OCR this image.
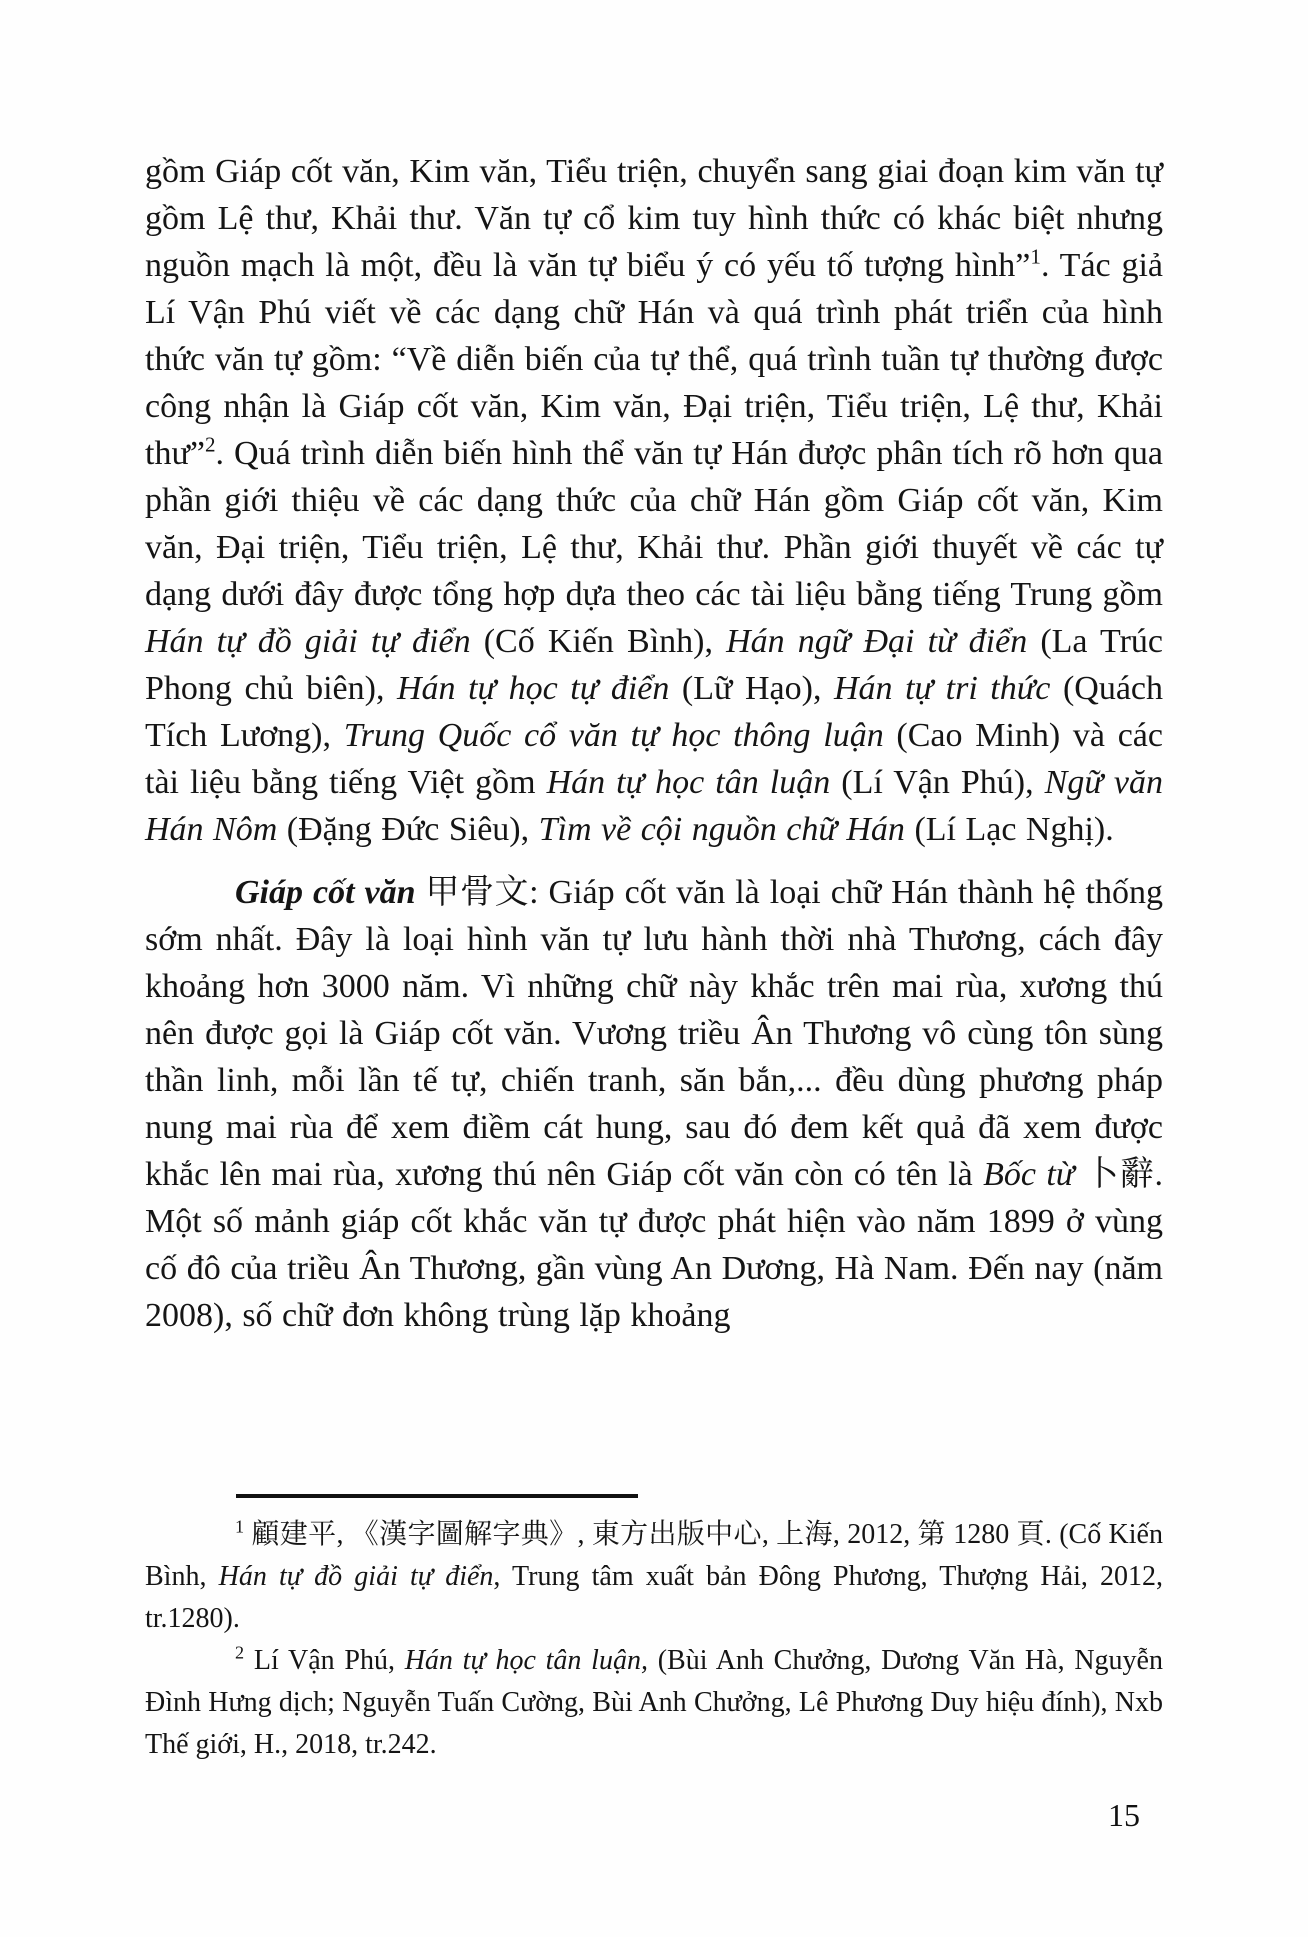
gồm Giáp cốt văn, Kim văn, Tiểu triện, chuyển sang giai đoạn kim văn tự gồm Lệ thư, Khải thư. Văn tự cổ kim tuy hình thức có khác biệt nhưng nguồn mạch là một, đều là văn tự biểu ý có yếu tố tượng hình”$^1$. Tác giả Lí Vận Phú viết về các dạng chữ Hán và quá trình phát triển của hình thức văn tự gồm: “Về diễn biến của tự thể, quá trình tuần tự thường được công nhận là Giáp cốt văn, Kim văn, Đại triện, Tiểu triện, Lệ thư, Khải thư”$^2$. Quá trình diễn biến hình thể văn tự Hán được phân tích rõ hơn qua phần giới thiệu về các dạng thức của chữ Hán gồm Giáp cốt văn, Kim văn, Đại triện, Tiểu triện, Lệ thư, Khải thư. Phần giới thuyết về các tự dạng dưới đây được tổng hợp dựa theo các tài liệu bằng tiếng Trung gồm Hán tự đồ giải tự điển (Cố Kiến Bình), Hán ngữ Đại từ điển (La Trúc Phong chủ biên), Hán tự học tự điển (Lữ Hạo), Hán tự tri thức (Quách Tích Lương), Trung Quốc cổ văn tự học thông luận (Cao Minh) và các tài liệu bằng tiếng Việt gồm Hán tự học tân luận (Lí Vận Phú), Ngữ văn Hán Nôm (Đặng Đức Siêu), Tìm về cội nguồn chữ Hán (Lí Lạc Nghị).

Giáp cốt văn 甲骨文: Giáp cốt văn là loại chữ Hán thành hệ thống sớm nhất. Đây là loại hình văn tự lưu hành thời nhà Thương, cách đây khoảng hơn 3000 năm. Vì những chữ này khắc trên mai rùa, xương thú nên được gọi là Giáp cốt văn. Vương triều Ân Thương vô cùng tôn sùng thần linh, mỗi lần tế tự, chiến tranh, săn bắn,... đều dùng phương pháp nung mai rùa để xem điềm cát hung, sau đó đem kết quả đã xem được khắc lên mai rùa, xương thú nên Giáp cốt văn còn có tên là Bốc từ 卜辭. Một số mảnh giáp cốt khắc văn tự được phát hiện vào năm 1899 ở vùng cố đô của triều Ân Thương, gần vùng An Dương, Hà Nam. Đến nay (năm 2008), số chữ đơn không trùng lặp khoảng

$^1$ 顧建平, 《漢字圖解字典》, 東方出版中心, 上海, 2012, 第 1280 頁. (Cố Kiến Bình, Hán tự đồ giải tự điển, Trung tâm xuất bản Đông Phương, Thượng Hải, 2012, tr.1280).

$^2$ Lí Vận Phú, Hán tự học tân luận, (Bùi Anh Chưởng, Dương Văn Hà, Nguyễn Đình Hưng dịch; Nguyễn Tuấn Cường, Bùi Anh Chưởng, Lê Phương Duy hiệu đính), Nxb Thế giới, H., 2018, tr.242.

15
